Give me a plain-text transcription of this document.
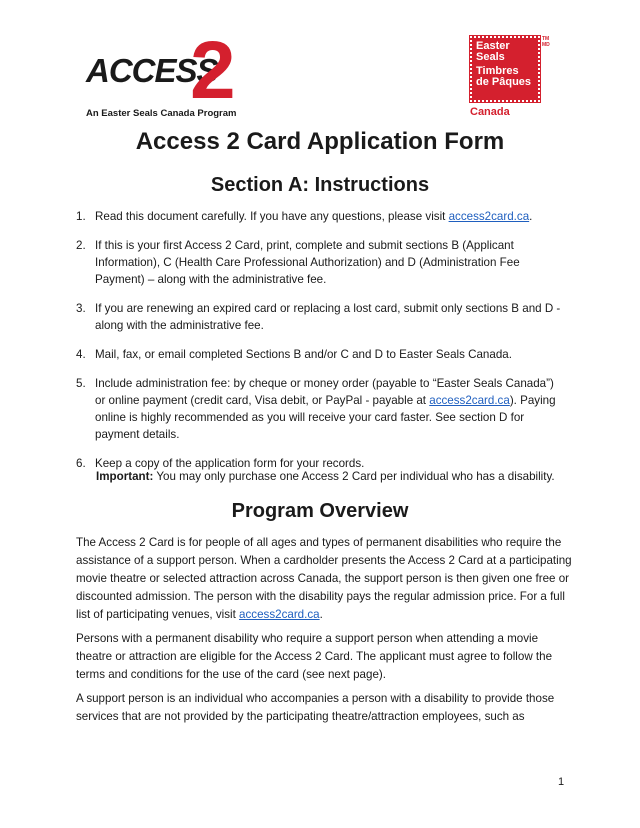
ACCESS
2
An Easter Seals Canada Program
Easter
Seals
Timbres
de Pâques
TM MD
Canada
Access 2 Card Application Form
Section A: Instructions
1. Read this document carefully. If you have any questions, please visit access2card.ca.
2. If this is your first Access 2 Card, print, complete and submit sections B (Applicant Information), C (Health Care Professional Authorization) and D (Administration Fee Payment) – along with the administrative fee.
3. If you are renewing an expired card or replacing a lost card, submit only sections B and D - along with the administrative fee.
4. Mail, fax, or email completed Sections B and/or C and D to Easter Seals Canada.
5. Include administration fee: by cheque or money order (payable to “Easter Seals Canada”) or online payment (credit card, Visa debit, or PayPal - payable at access2card.ca). Paying online is highly recommended as you will receive your card faster. See section D for payment details.
6. Keep a copy of the application form for your records.
Important: You may only purchase one Access 2 Card per individual who has a disability.
Program Overview

The Access 2 Card is for people of all ages and types of permanent disabilities who require the assistance of a support person. When a cardholder presents the Access 2 Card at a participating movie theatre or selected attraction across Canada, the support person is then given one free or discounted admission. The person with the disability pays the regular admission price. For a full list of participating venues, visit access2card.ca.

Persons with a permanent disability who require a support person when attending a movie theatre or attraction are eligible for the Access 2 Card. The applicant must agree to follow the terms and conditions for the use of the card (see next page).

A support person is an individual who accompanies a person with a disability to provide those services that are not provided by the participating theatre/attraction employees, such as

1
